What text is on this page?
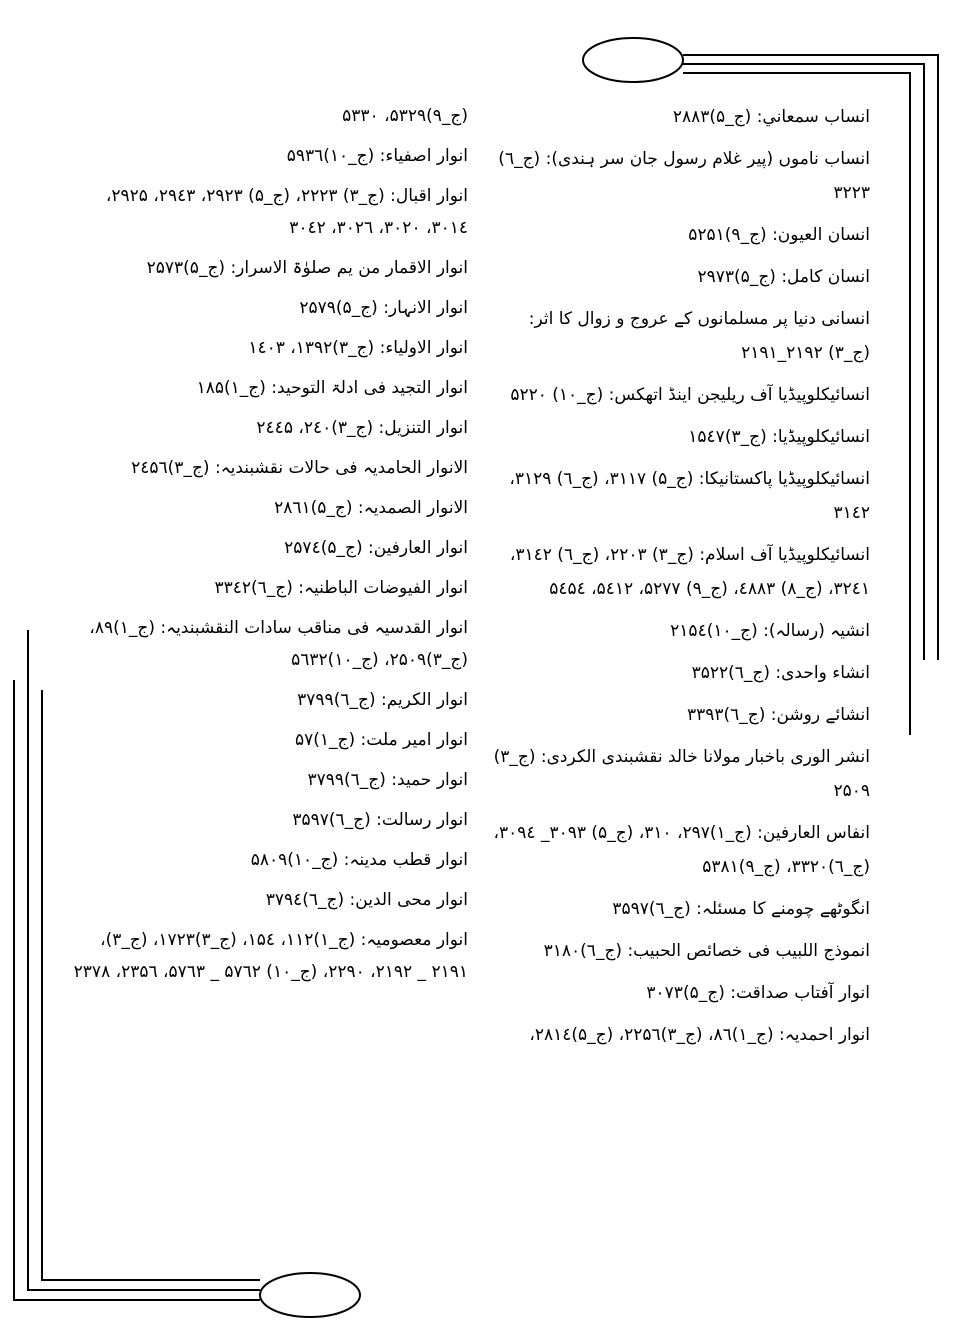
انساب سمعاني: (ج_۵)٢٨٨٣
انساب ناموں (پیر غلام رسول جان سر ہندی): (ج_٦) ٣٢٢٣
انسان العیون: (ج_۹)۵٢۵١
انسان کامل: (ج_۵)٢٩٧٣
انسانی دنیا پر مسلمانوں کے عروج و زوال کا اثر: (ج_٣) ٢١٩٢_٢١٩١
انسائیکلوپیڈیا آف ریلیجن اینڈ اتھکس: (ج_١٠) ۵٢٢٠
انسائیکلوپیڈیا: (ج_٣)١۵٤٧
انسائیکلوپیڈیا پاکستانیکا: (ج_۵) ٣١١٧، (ج_٦) ٣١٢٩، ٣١٤٢
انسائیکلوپیڈیا آف اسلام: (ج_٣) ٢٢٠٣، (ج_٦) ٣١٤٢، ٣٢٤١، (ج_٨) ٤٨٨٣، (ج_۹) ۵٢٧٧، ۵٤١٢، ۵٤۵٤
انشیہ (رسالہ): (ج_١٠)٢١۵٤
انشاء واحدی: (ج_٦)٣۵٢٢
انشائے روشن: (ج_٦)٣٣٩٣
انشر الوری باخبار مولانا خالد نقشبندی الکردی: (ج_٣) ٢۵٠٩
انفاس العارفین: (ج_١)٢٩٧، ٣١٠، (ج_۵) ٣٠٩٣_ ٣٠٩٤، (ج_٦)٣٣٢٠، (ج_۹)۵٣٨١
انگوٹھے چومنے کا مسئلہ: (ج_٦)٣۵٩٧
انموذج اللبیب فی خصائص الحبیب: (ج_٦)٣١٨٠
انوار آفتاب صداقت: (ج_۵)٣٠٧٣
انوار احمدیہ: (ج_١)٨٦، (ج_٣)٢٢۵٦، (ج_۵)٢٨١٤،
(ج_۹)۵٣٢٩، ۵٣٣٠
انوار اصفیاء: (ج_١٠)۵٩٣٦
انوار اقبال: (ج_٣) ٢٢٢٣، (ج_۵) ٢٩٢٣، ٢٩٤٣، ٢٩٢۵، ٣٠١٤، ٣٠٢٠، ٣٠٢٦، ٣٠٤٢
انوار الاقمار من یم صلوٰۃ الاسرار: (ج_۵)٢۵٧٣
انوار الانہار: (ج_۵)٢۵٧٩
انوار الاولیاء: (ج_٣)١٣٩٢، ١٤٠٣
انوار التجید فی ادلۃ التوحید: (ج_١)١٨۵
انوار التنزیل: (ج_٣)٢٤٠، ٢٤٤۵
الانوار الحامدیہ فی حالات نقشبندیہ: (ج_٣)٢٤۵٦
الانوار الصمدیہ: (ج_۵)٢٨٦١
انوار العارفین: (ج_۵)٢۵٧٤
انوار الفیوضات الباطنیہ: (ج_٦)٣٣٤٢
انوار القدسیہ فی مناقب سادات النقشبندیہ: (ج_١)٨٩، (ج_٣)٢۵٠٩، (ج_١٠)۵٦٣٢
انوار الکریم: (ج_٦)٣٧٩٩
انوار امیر ملت: (ج_١)۵٧
انوار حمید: (ج_٦)٣٧٩٩
انوار رسالت: (ج_٦)٣۵٩٧
انوار قطب مدینہ: (ج_١٠)۵٨٠٩
انوار محی الدین: (ج_٦)٣٧٩٤
انوار معصومیہ: (ج_١)١١٢، ١۵٤، (ج_٣)١٧٢٣، (ج_٣)، ٢١٩١ _ ٢١٩٢، ٢٢٩٠، (ج_١٠) ۵٧٦٢ _ ۵٧٦٣، ٢٣۵٦، ٢٣٧٨
